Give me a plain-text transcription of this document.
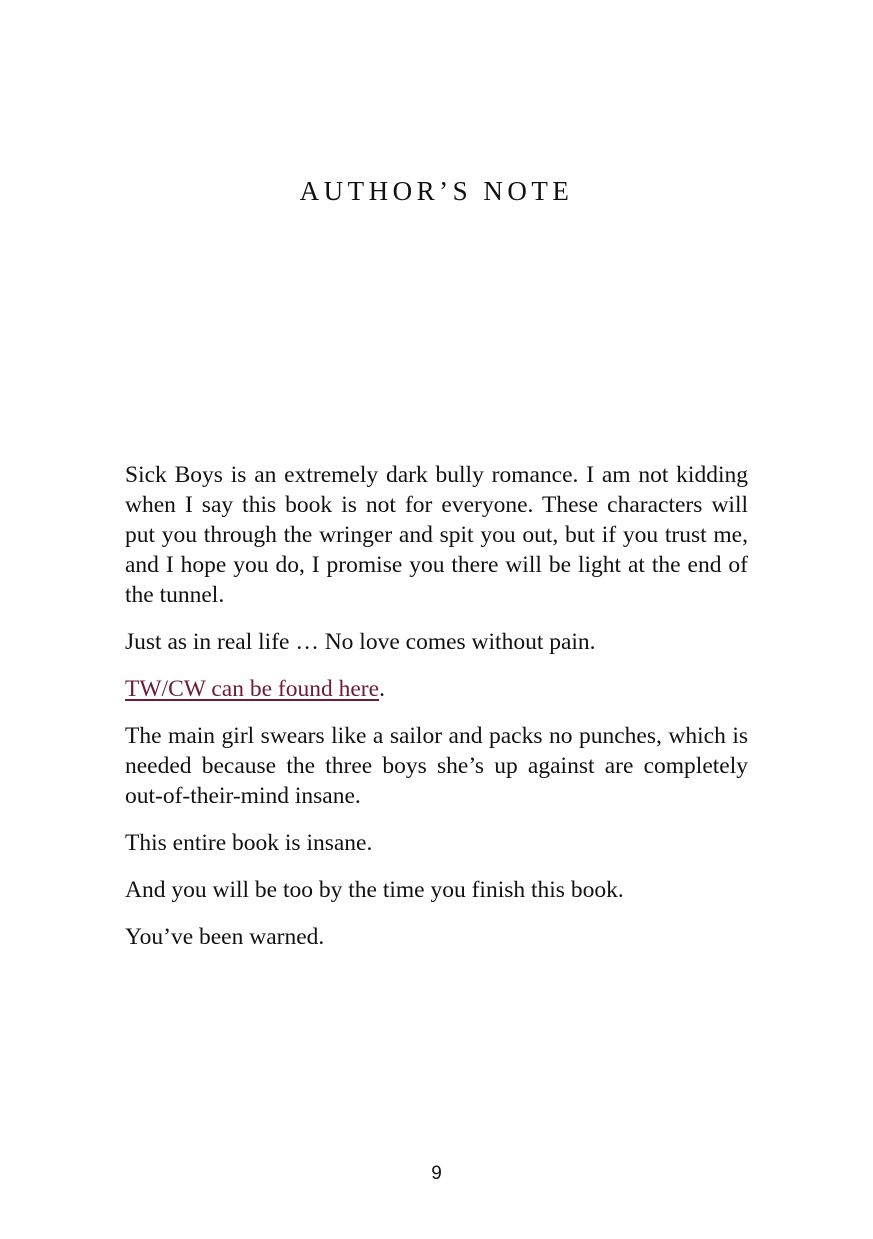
AUTHOR’S NOTE

Sick Boys is an extremely dark bully romance. I am not kidding when I say this book is not for everyone. These characters will put you through the wringer and spit you out, but if you trust me, and I hope you do, I promise you there will be light at the end of the tunnel.

Just as in real life … No love comes without pain.

TW/CW can be found here.

The main girl swears like a sailor and packs no punches, which is needed because the three boys she’s up against are completely out-of-their-mind insane.

This entire book is insane.

And you will be too by the time you finish this book.

You’ve been warned.

9
